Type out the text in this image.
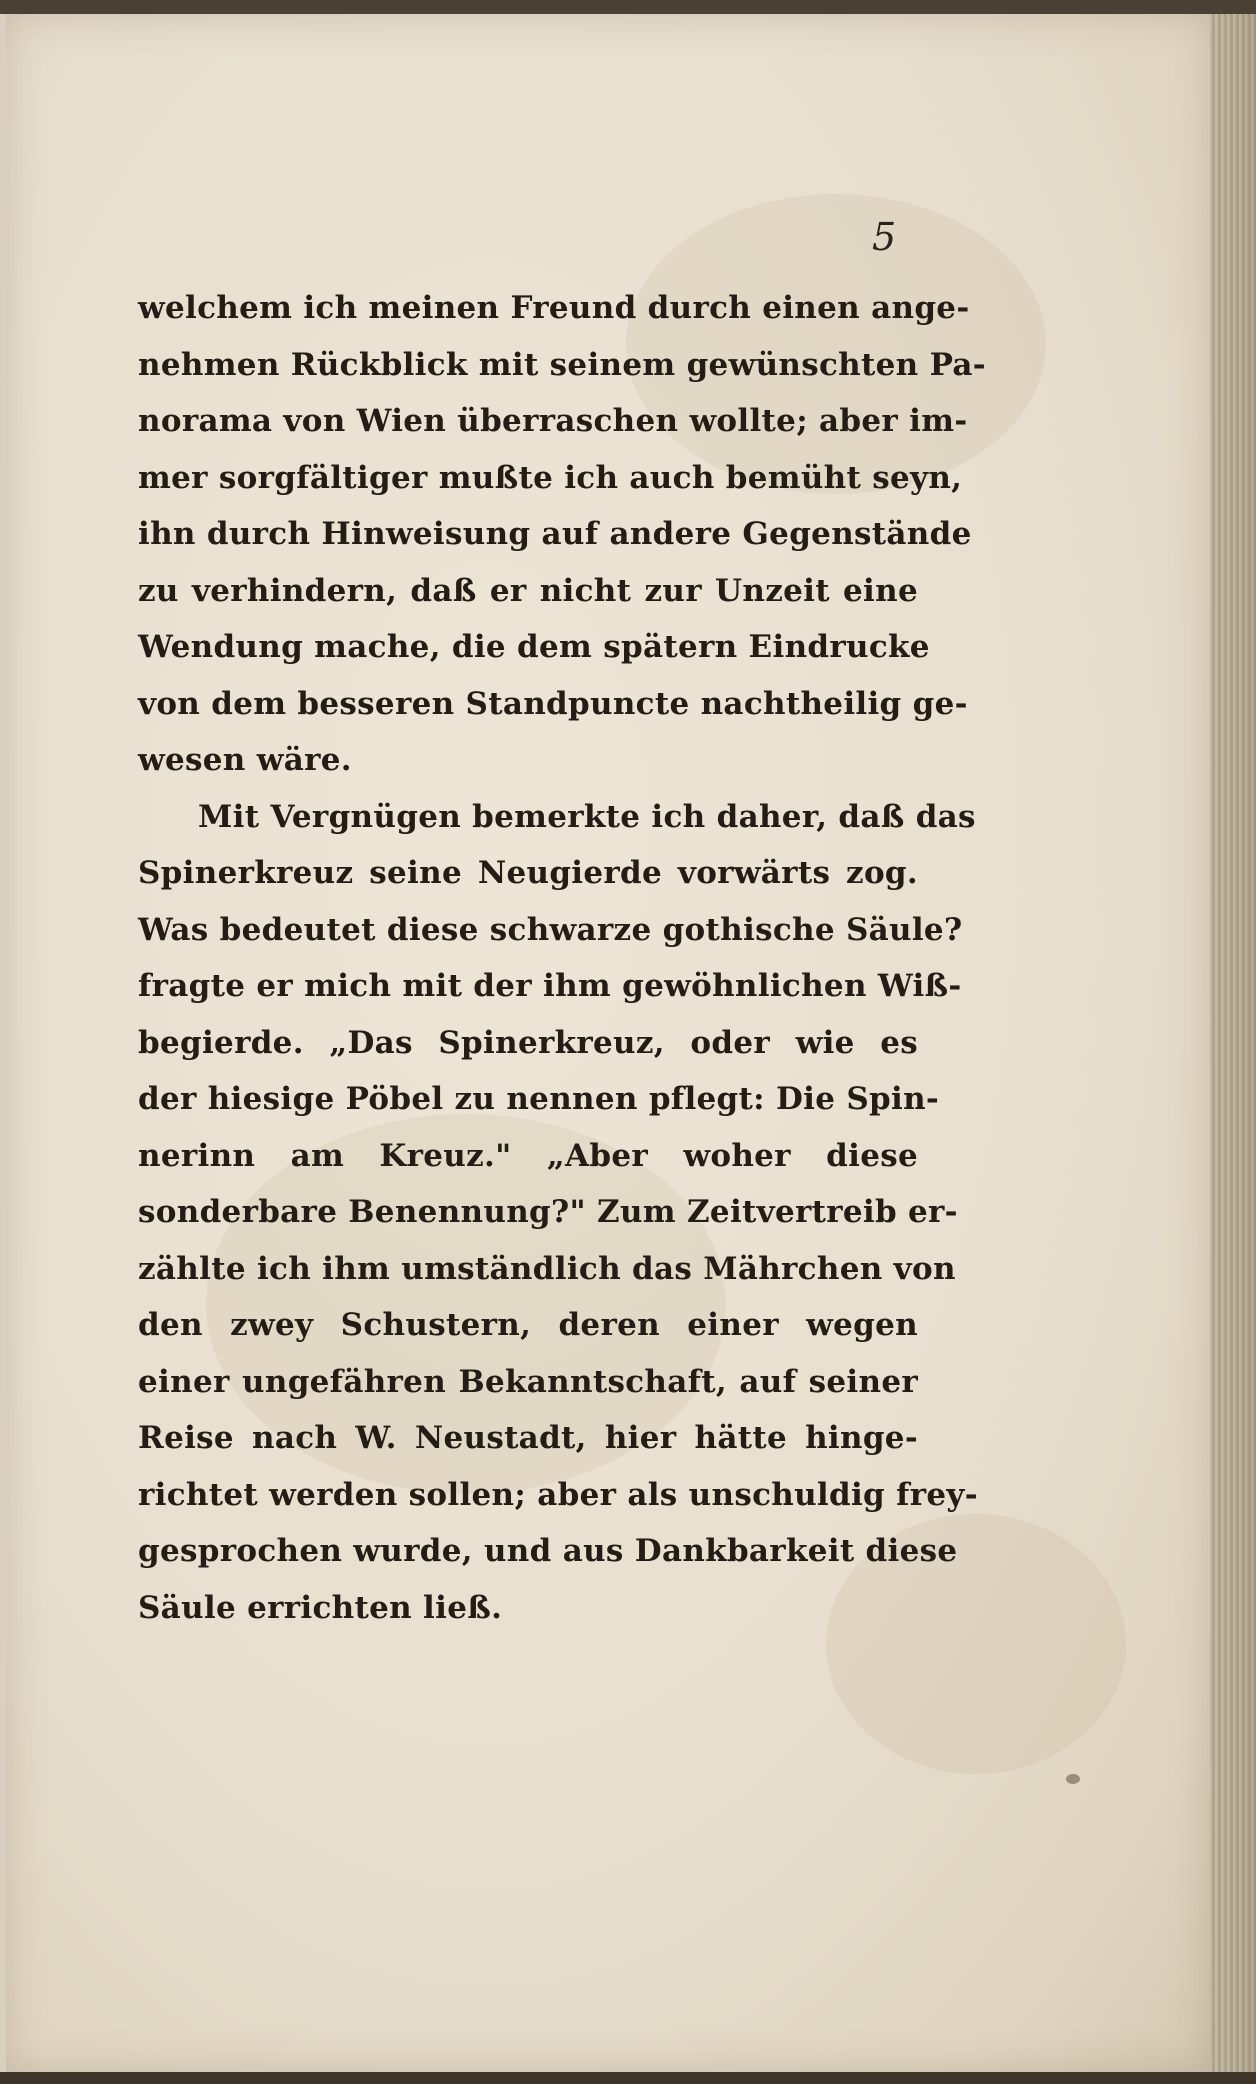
5
welchem ich meinen Freund durch einen ange-
nehmen Rückblick mit seinem gewünschten Pa-
norama von Wien überraschen wollte; aber im-
mer sorgfältiger mußte ich auch bemüht seyn,
ihn durch Hinweisung auf andere Gegenstände
zu verhindern, daß er nicht zur Unzeit eine
Wendung mache, die dem spätern Eindrucke
von dem besseren Standpuncte nachtheilig ge-
wesen wäre.
Mit Vergnügen bemerkte ich daher, daß das
Spinerkreuz seine Neugierde vorwärts zog.
Was bedeutet diese schwarze gothische Säule?
fragte er mich mit der ihm gewöhnlichen Wiß-
begierde. „Das Spinerkreuz, oder wie es
der hiesige Pöbel zu nennen pflegt: Die Spin-
nerinn am Kreuz." „Aber woher diese
sonderbare Benennung?" Zum Zeitvertreib er-
zählte ich ihm umständlich das Mährchen von
den zwey Schustern, deren einer wegen
einer ungefähren Bekanntschaft, auf seiner
Reise nach W. Neustadt, hier hätte hinge-
richtet werden sollen; aber als unschuldig frey-
gesprochen wurde, und aus Dankbarkeit diese
Säule errichten ließ.
